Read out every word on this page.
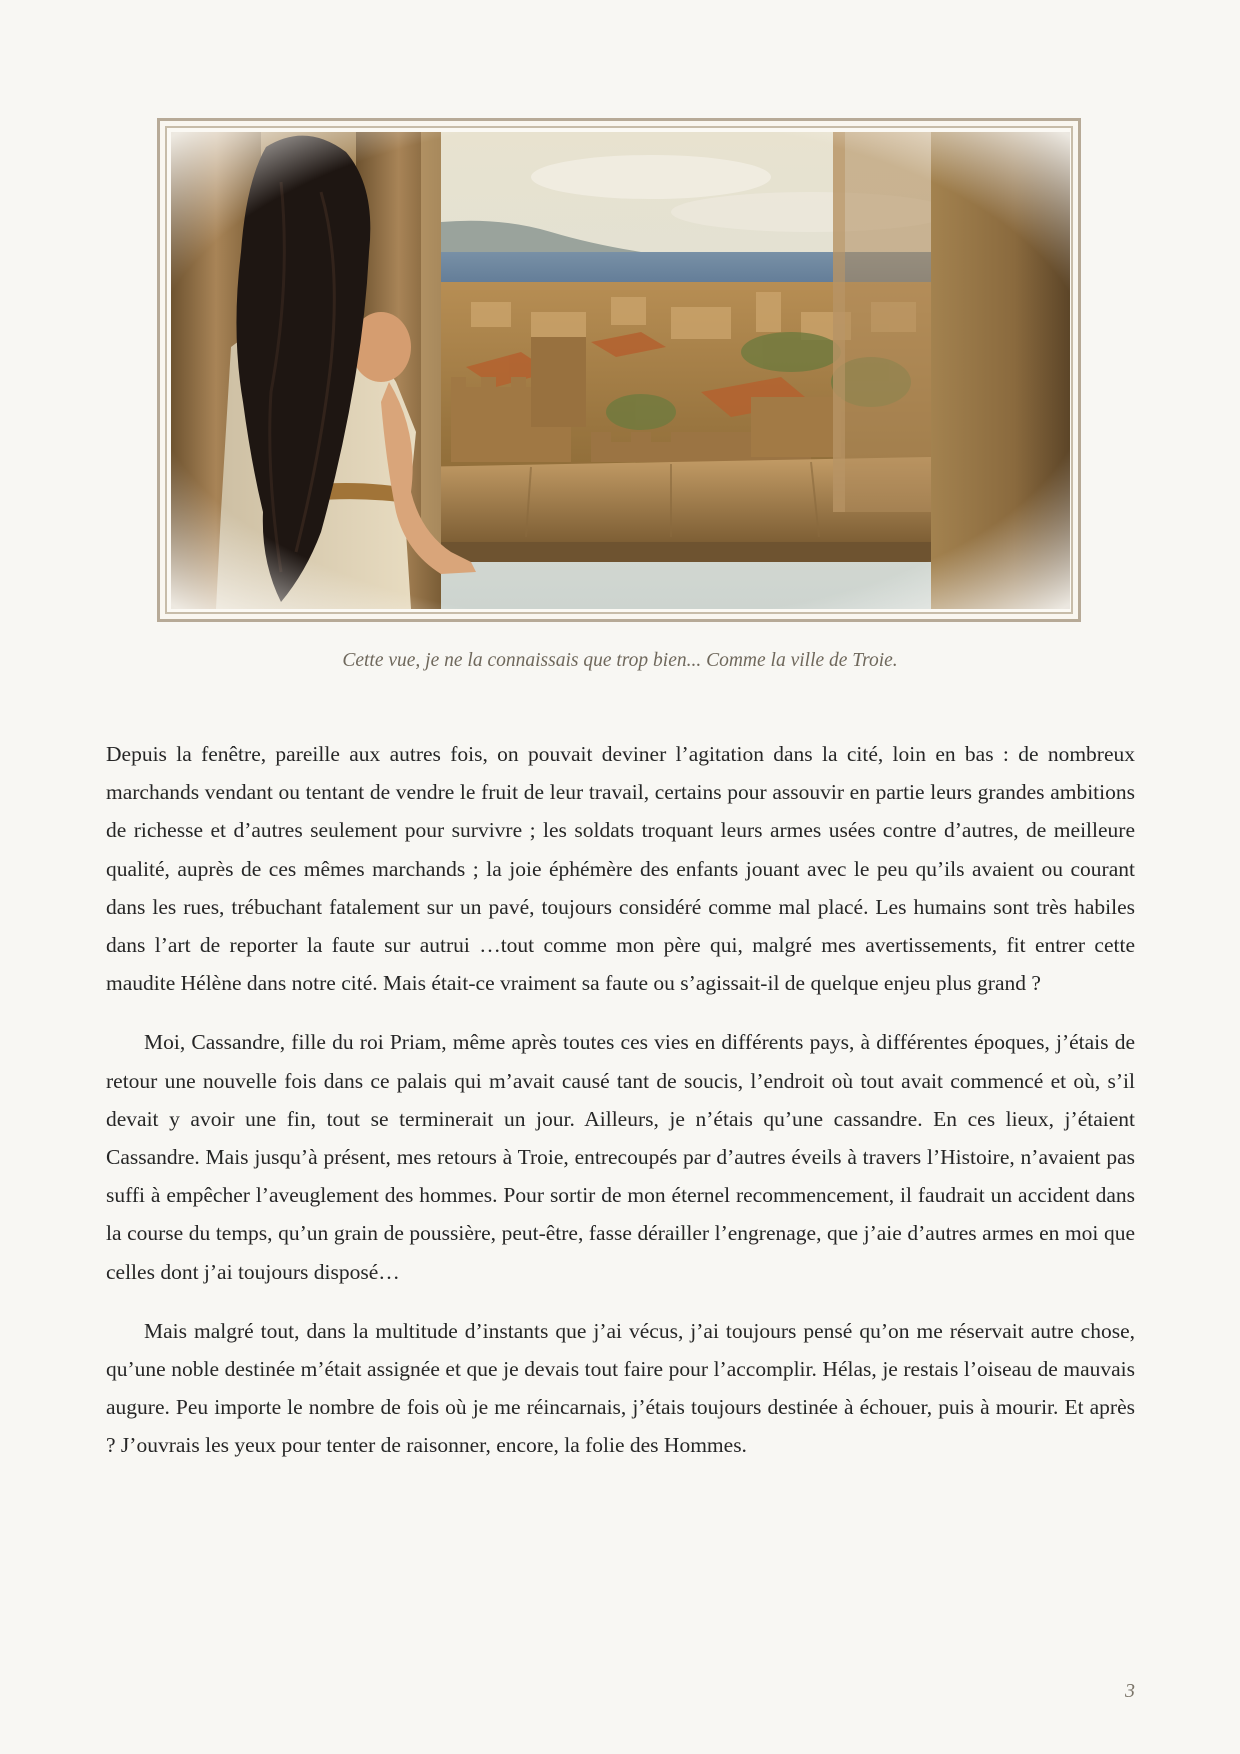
Cette vue, je ne la connaissais que trop bien... Comme la ville de Troie.

Depuis la fenêtre, pareille aux autres fois, on pouvait deviner l’agitation dans la cité, loin en bas : de nombreux marchands vendant ou tentant de vendre le fruit de leur travail, certains pour assouvir en partie leurs grandes ambitions de richesse et d’autres seulement pour survivre ; les soldats troquant leurs armes usées contre d’autres, de meilleure qualité, auprès de ces mêmes marchands ; la joie éphémère des enfants jouant avec le peu qu’ils avaient ou courant dans les rues, trébuchant fatalement sur un pavé, toujours considéré comme mal placé. Les humains sont très habiles dans l’art de reporter la faute sur autrui …tout comme mon père qui, malgré mes avertissements, fit entrer cette maudite Hélène dans notre cité. Mais était-ce vraiment sa faute ou s’agissait-il de quelque enjeu plus grand ?

Moi, Cassandre, fille du roi Priam, même après toutes ces vies en différents pays, à différentes époques, j’étais de retour une nouvelle fois dans ce palais qui m’avait causé tant de soucis, l’endroit où tout avait commencé et où, s’il devait y avoir une fin, tout se terminerait un jour. Ailleurs, je n’étais qu’une cassandre. En ces lieux, j’étaient Cassandre. Mais jusqu’à présent, mes retours à Troie, entrecoupés par d’autres éveils à travers l’Histoire, n’avaient pas suffi à empêcher l’aveuglement des hommes. Pour sortir de mon éternel recommencement, il faudrait un accident dans la course du temps, qu’un grain de poussière, peut-être, fasse dérailler l’engrenage, que j’aie d’autres armes en moi que celles dont j’ai toujours disposé…

Mais malgré tout, dans la multitude d’instants que j’ai vécus, j’ai toujours pensé qu’on me réservait autre chose, qu’une noble destinée m’était assignée et que je devais tout faire pour l’accomplir. Hélas, je restais l’oiseau de mauvais augure. Peu importe le nombre de fois où je me réincarnais, j’étais toujours destinée à échouer, puis à mourir. Et après ? J’ouvrais les yeux pour tenter de raisonner, encore, la folie des Hommes.

3
